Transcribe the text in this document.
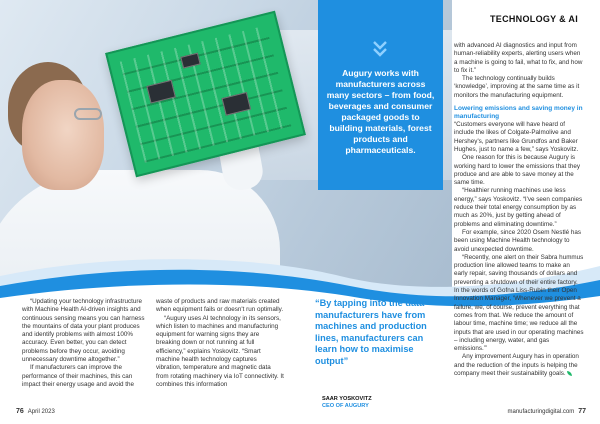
Augury works with manufacturers across many sectors – from food, beverages and consumer packaged goods to building materials, forest products and pharmaceuticals.

TECHNOLOGY & AI

with advanced AI diagnostics and input from human-reliability experts, alerting users when a machine is going to fail, what to fix, and how to fix it.”

The technology continually builds ‘knowledge’, improving at the same time as it monitors the manufacturing equipment.

Lowering emissions and saving money in manufacturing

“Customers everyone will have heard of include the likes of Colgate-Palmolive and Hershey's, partners like Grundfos and Baker Hughes, just to name a few,” says Yoskovitz.

One reason for this is because Augury is working hard to lower the emissions that they produce and are able to save money at the same time.

“Healthier running machines use less energy,” says Yoskovitz. “I've seen companies reduce their total energy consumption by as much as 20%, just by getting ahead of problems and eliminating downtime.”

For example, since 2020 Osem Nestlé has been using Machine Health technology to avoid unexpected downtime.

“Recently, one alert on their Sabra hummus production line allowed teams to make an early repair, saving thousands of dollars and preventing a shutdown of their entire factory. In the words of Gofna Liss-Rubin their Open Innovation Manager, ‘Whenever we prevent a failure, we, of course, prevent everything that comes from that. We reduce the amount of labour time, machine time; we reduce all the inputs that are used in our operating machines – including energy, water, and gas emissions.’”

Any improvement Augury has in operation and the reduction of the inputs is helping the company meet their sustainability goals.

“Updating your technology infrastructure with Machine Health AI-driven insights and continuous sensing means you can harness the mountains of data your plant produces and identify problems with almost 100% accuracy. Even better, you can detect problems before they occur, avoiding unnecessary downtime altogether.”

If manufacturers can improve the performance of their machines, this can impact their energy usage and avoid the

waste of products and raw materials created when equipment fails or doesn't run optimally.

“Augury uses AI technology in its sensors, which listen to machines and manufacturing equipment for warning signs they are breaking down or not running at full efficiency,” explains Yoskovitz. “Smart machine health technology captures vibration, temperature and magnetic data from rotating machinery via IoT connectivity. It combines this information

“By tapping into the data manufacturers have from machines and production lines, manufacturers can learn how to maximise output”
SAAR YOSKOVITZ
CEO OF AUGURY
76 April 2023	manufacturingdigital.com 77
